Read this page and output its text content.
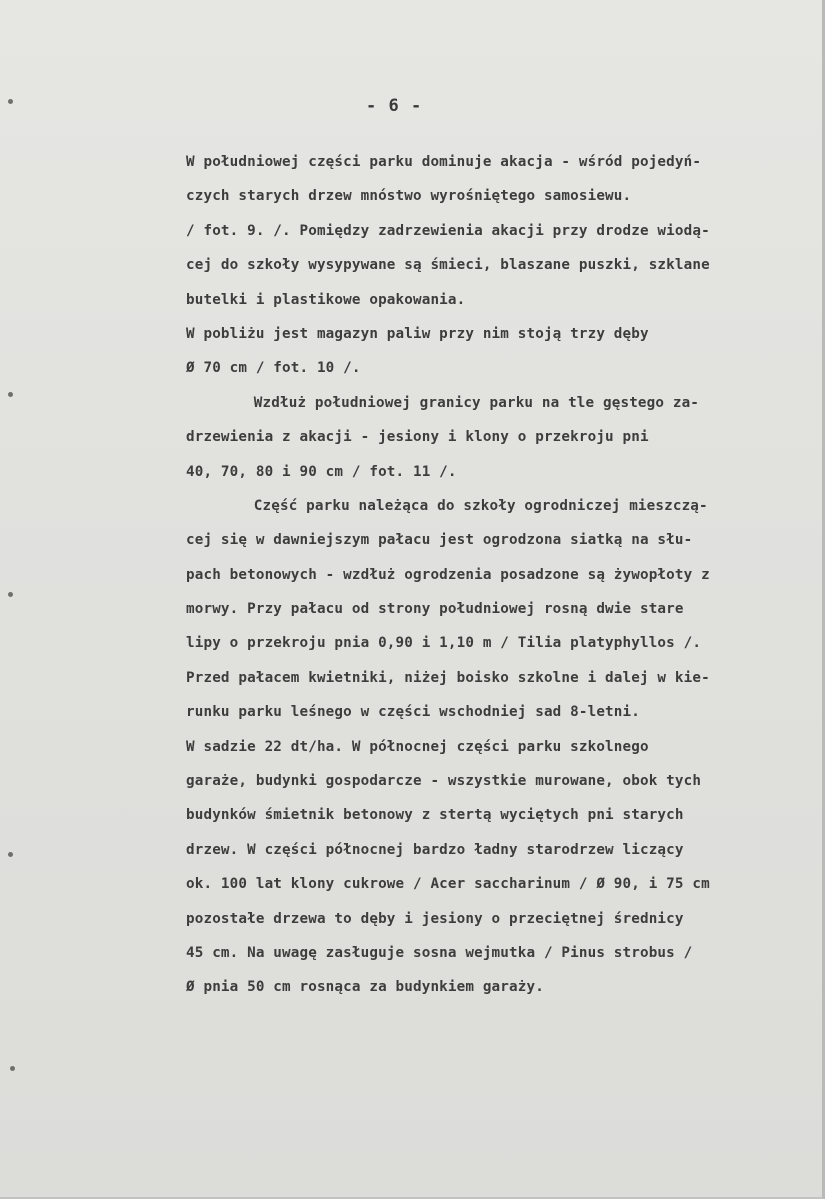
- 6 -
W południowej części parku dominuje akacja - wśród pojedyń-
czych starych drzew mnóstwo wyrośniętego samosiewu.
/ fot. 9. /. Pomiędzy zadrzewienia akacji przy drodze wiodą-
cej do szkoły wysypywane są śmieci, blaszane puszki, szklane
butelki i plastikowe opakowania.
W pobliżu jest magazyn paliw przy nim stoją trzy dęby
Ø 70 cm / fot. 10 /.
Wzdłuż południowej granicy parku na tle gęstego za-
drzewienia z akacji - jesiony i klony o przekroju pni
40, 70, 80 i 90 cm / fot. 11 /.
Część parku należąca do szkoły ogrodniczej mieszczą-
cej się w dawniejszym pałacu jest ogrodzona siatką na słu-
pach betonowych - wzdłuż ogrodzenia posadzone są żywopłoty z
morwy. Przy pałacu od strony południowej rosną dwie stare
lipy o przekroju pnia 0,90 i 1,10 m / Tilia platyphyllos /.
Przed pałacem kwietniki, niżej boisko szkolne i dalej w kie-
runku parku leśnego w części wschodniej sad 8-letni.
W sadzie 22 dt/ha. W północnej części parku szkolnego
garaże, budynki gospodarcze - wszystkie murowane, obok tych
budynków śmietnik betonowy z stertą wyciętych pni starych
drzew. W części północnej bardzo ładny starodrzew liczący
ok. 100 lat klony cukrowe / Acer saccharinum / Ø 90, i 75 cm
pozostałe drzewa to dęby i jesiony o przeciętnej średnicy
45 cm. Na uwagę zasługuje sosna wejmutka / Pinus strobus /
Ø pnia 50 cm rosnąca za budynkiem garaży.
